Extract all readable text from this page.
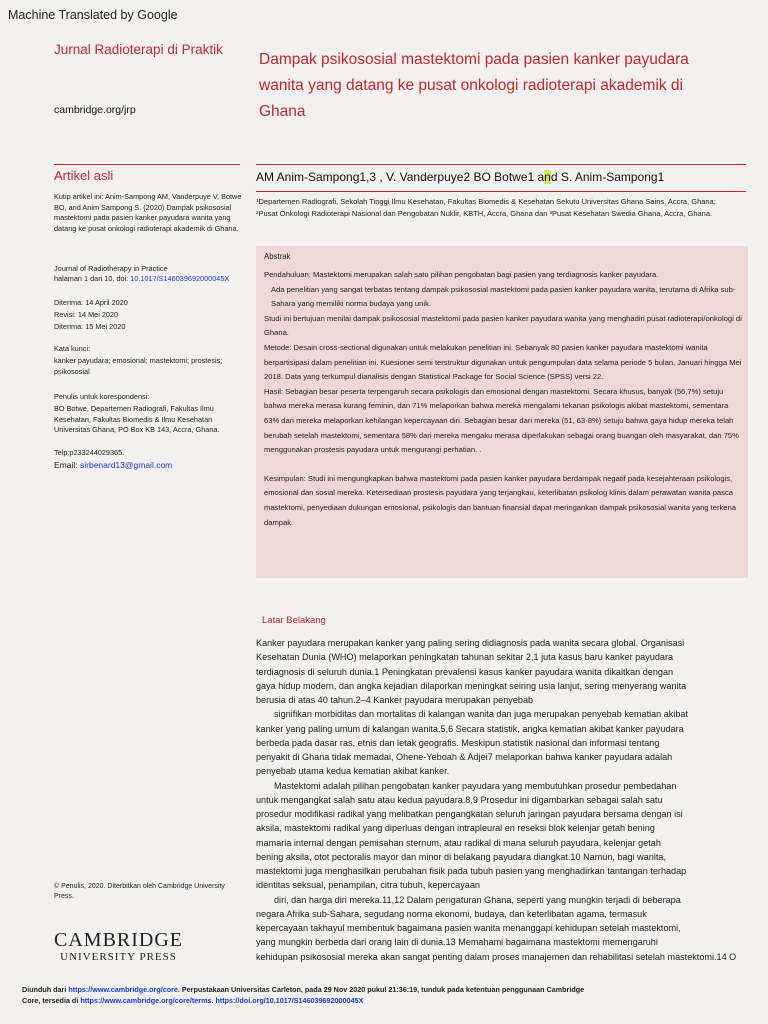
Machine Translated by Google
Jurnal Radioterapi di Praktik
cambridge.org/jrp
Dampak psikososial mastektomi pada pasien kanker payudara wanita yang datang ke pusat onkologi radioterapi akademik di Ghana
Artikel asli	AM Anim-Sampong1,3 , V. Vanderpuye2 BO Botwe1 and S. Anim-Sampong1
¹Departemen Radiografi, Sekolah Tinggi Ilmu Kesehatan, Fakultas Biomedis & Kesehatan Sekutu Universitas Ghana Sains, Accra, Ghana; ²Pusat Onkologi Radioterapi Nasional dan Pengobatan Nuklir, KBTH, Accra, Ghana dan ³Pusat Kesehatan Swedia Ghana, Accra, Ghana.
Kutip artikel ini: Anim-Sampong AM, Vanderpuye V, Botwe BO, and Anim Sampong S. (2020) Dampak psikososial mastektomi pada pasien kanker payudara wanita yang datang ke pusat onkologi radioterapi akademik di Ghana.
Journal of Radiotherapy in Practice
halaman 1 dari 10. doi: 10.1017/S146039692000045X
Diterima: 14 April 2020
Revisi: 14 Mei 2020
Diterima: 15 Mei 2020
Kata kunci:
kanker payudara; emosional; mastektomi; prostesis; psikososial
Penulis untuk korespondensi:
BO Botwe, Departemen Radiografi, Fakultas Ilmu Kesehatan, Fakultas Biomedis & Ilmu Kesehatan Universitas Ghana, PO Box KB 143, Accra, Ghana.
Telp:p233244029365.
Email: sirbenard13@gmail.com
Abstrak

Pendahuluan: Mastektomi merupakan salah satu pilihan pengobatan bagi pasien yang terdiagnosis kanker payudara.

Ada penelitian yang sangat terbatas tentang dampak psikososial mastektomi pada pasien kanker payudara wanita, terutama di Afrika sub-Sahara yang memiliki norma budaya yang unik.

Studi ini bertujuan menilai dampak psikososial mastektomi pada pasien kanker payudara wanita yang menghadiri pusat radioterapi/onkologi di Ghana.

Metode: Desain cross-sectional digunakan untuk melakukan penelitian ini. Sebanyak 80 pasien kanker payudara mastektomi wanita berpartisipasi dalam penelitian ini. Kuesioner semi terstruktur digunakan untuk pengumpulan data selama periode 5 bulan, Januari hingga Mei 2018. Data yang terkumpul dianalisis dengan Statistical Package for Social Science (SPSS) versi 22.

Hasil: Sebagian besar peserta terpengaruh secara psikologis dan emosional dengan mastektomi. Secara khusus, banyak (56,7%) setuju bahwa mereka merasa kurang feminin, dan 71% melaporkan bahwa mereka mengalami tekanan psikologis akibat mastektomi, sementara 63% dari mereka melaporkan kehilangan kepercayaan diri. Sebagian besar dari mereka (51, 63·8%) setuju bahwa gaya hidup mereka telah berubah setelah mastektomi, sementara 58% dari mereka mengaku merasa diperlakukan sebagai orang buangan oleh masyarakat, dan 75% menggunakan prostesis payudara untuk mengurangi perhatian. .

Kesimpulan: Studi ini mengungkapkan bahwa mastektomi pada pasien kanker payudara berdampak negatif pada kesejahteraan psikologis, emosional dan sosial mereka. Ketersediaan prostesis payudara yang terjangkau, keterlibatan psikolog klinis dalam perawatan wanita pasca mastektomi, penyediaan dukungan emosional, psikologis dan bantuan finansial dapat meringankan dampak psikososial wanita yang terkena dampak.

Latar Belakang
Kanker payudara merupakan kanker yang paling sering didiagnosis pada wanita secara global. Organisasi
Kesehatan Dunia (WHO) melaporkan peningkatan tahunan sekitar 2,1 juta kasus baru kanker payudara
terdiagnosis di seluruh dunia.1 Peningkatan prevalensi kasus kanker payudara wanita dikaitkan dengan
gaya hidup modern, dan angka kejadian dilaporkan meningkat seiring usia lanjut, sering menyerang wanita
berusia di atas 40 tahun.2–4 Kanker payudara merupakan penyebab
signifikan morbiditas dan mortalitas di kalangan wanita dan juga merupakan penyebab kematian akibat
kanker yang paling umum di kalangan wanita.5,6 Secara statistik, angka kematian akibat kanker payudara
berbeda pada dasar ras, etnis dan letak geografis. Meskipun statistik nasional dan informasi tentang
penyakit di Ghana tidak memadai, Ohene-Yeboah & Adjei7 melaporkan bahwa kanker payudara adalah
penyebab utama kedua kematian akibat kanker.
Mastektomi adalah pilihan pengobatan kanker payudara yang membutuhkan prosedur pembedahan
untuk mengangkat salah satu atau kedua payudara.8,9 Prosedur ini digambarkan sebagai salah satu
prosedur modifikasi radikal yang melibatkan pengangkatan seluruh jaringan payudara bersama dengan isi
aksila, mastektomi radikal yang diperluas dengan intrapleural en reseksi blok kelenjar getah bening
mamaria internal dengan pemisahan sternum, atau radikal di mana seluruh payudara, kelenjar getah
bening aksila, otot pectoralis mayor dan minor di belakang payudara diangkat.10 Namun, bagi wanita,
mastektomi juga menghasilkan perubahan fisik pada tubuh pasien yang menghadirkan tantangan terhadap
identitas seksual, penampilan, citra tubuh, kepercayaan
diri, dan harga diri mereka.11,12 Dalam pengaturan Ghana, seperti yang mungkin terjadi di beberapa
negara Afrika sub-Sahara, segudang norma ekonomi, budaya, dan keterlibatan agama, termasuk
kepercayaan takhayul membentuk bagaimana pasien wanita menanggapi kehidupan setelah mastektomi,
yang mungkin berbeda dari orang lain di dunia.13 Memahami bagaimana mastektomi memengaruhi
kehidupan psikososial mereka akan sangat penting dalam proses manajemen dan rehabilitasi setelah mastektomi.14 O
© Penulis, 2020. Diterbitkan oleh Cambridge University Press.
CAMBRIDGE
UNIVERSITY PRESS
Diunduh dari https://www.cambridge.org/core. Perpustakaan Universitas Carleton, pada 29 Nov 2020 pukul 21:36:19, tunduk pada ketentuan penggunaan Cambridge
Core, tersedia di https://www.cambridge.org/core/terms. https://doi.org/10.1017/S146039692000045X
